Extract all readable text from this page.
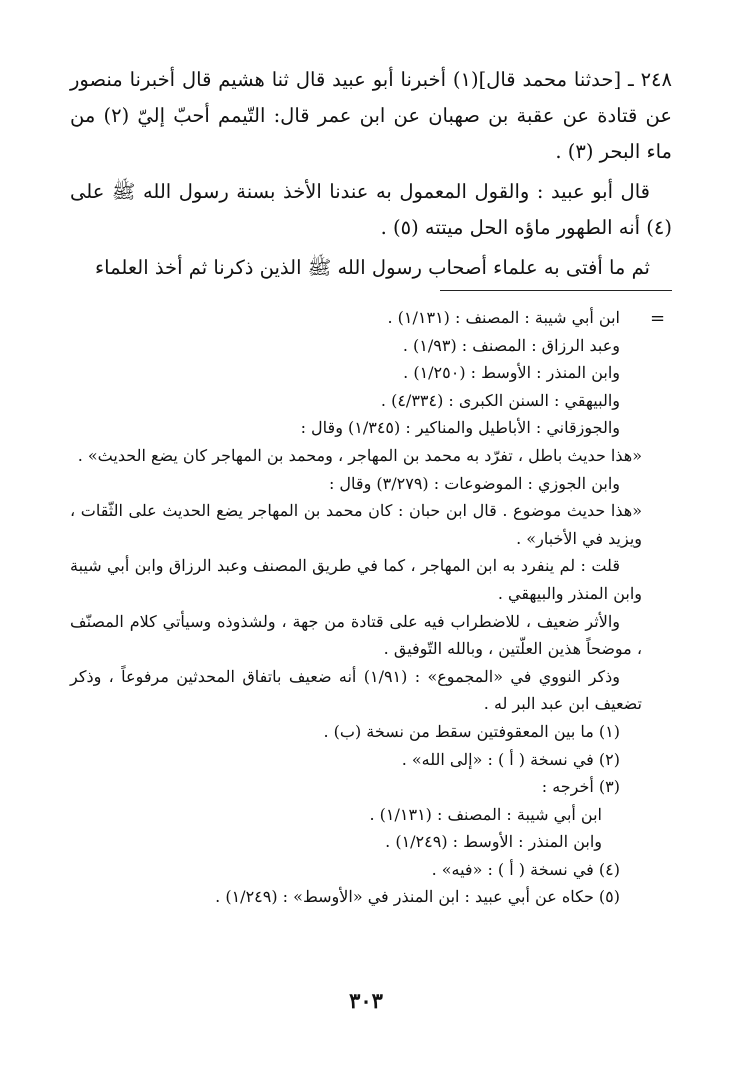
٢٤٨ ـ [حدثنا محمد قال](١) أخبرنا أبو عبيد قال ثنا هشيم قال أخبرنا منصور عن قتادة عن عقبة بن صهبان عن ابن عمر قال: التّيمم أحبّ إليّ (٢) من ماء البحر (٣) .

قال أبو عبيد : والقول المعمول به عندنا الأخذ بسنة رسول الله ﷺ على (٤) أنه الطهور ماؤه الحل ميتته (٥) .

ثم ما أفتى به علماء أصحاب رسول الله ﷺ الذين ذكرنا ثم أخذ العلماء

=

ابن أبي شيبة : المصنف : (١/١٣١) .

وعبد الرزاق : المصنف : (١/٩٣) .

وابن المنذر : الأوسط : (١/٢٥٠) .

والبيهقي : السنن الكبرى : (٤/٣٣٤) .

والجوزقاني : الأباطيل والمناكير : (١/٣٤٥) وقال :

«هذا حديث باطل ، تفرّد به محمد بن المهاجر ، ومحمد بن المهاجر كان يضع الحديث» .

وابن الجوزي : الموضوعات : (٣/٢٧٩) وقال :

«هذا حديث موضوع . قال ابن حبان : كان محمد بن المهاجر يضع الحديث على الثّقات ، ويزيد في الأخبار» .

قلت : لم ينفرد به ابن المهاجر ، كما في طريق المصنف وعبد الرزاق وابن أبي شيبة وابن المنذر والبيهقي .

والأثر ضعيف ، للاضطراب فيه على قتادة من جهة ، ولشذوذه وسيأتي كلام المصنّف ، موضحاً هذين العلّتين ، وبالله التّوفيق .

وذكر النووي في «المجموع» : (١/٩١) أنه ضعيف باتفاق المحدثين مرفوعاً ، وذكر تضعيف ابن عبد البر له .

(١) ما بين المعقوفتين سقط من نسخة (ب) .

(٢) في نسخة ( أ ) : «إلى الله» .

(٣) أخرجه :

ابن أبي شيبة : المصنف : (١/١٣١) .

وابن المنذر : الأوسط : (١/٢٤٩) .

(٤) في نسخة ( أ ) : «فيه» .

(٥) حكاه عن أبي عبيد : ابن المنذر في «الأوسط» : (١/٢٤٩) .

٣٠٣
